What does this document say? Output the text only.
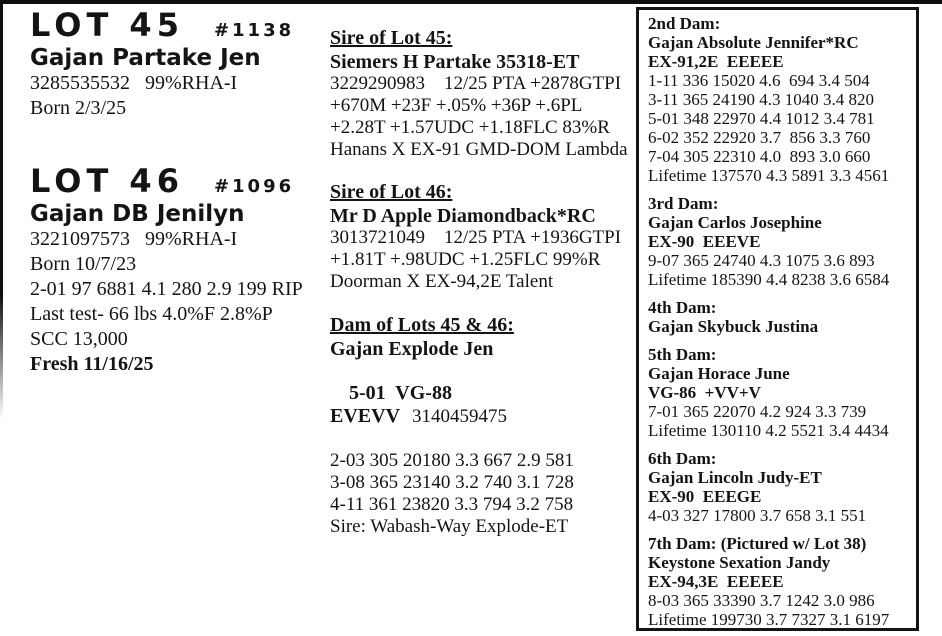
LOT 45 #1138
Gajan Partake Jen
3285535532   99%RHA-I
Born 2/3/25
LOT 46 #1096
Gajan DB Jenilyn
3221097573   99%RHA-I
Born 10/7/23
2-01 97 6881 4.1 280 2.9 199 RIP
Last test- 66 lbs 4.0%F 2.8%P
SCC 13,000
Fresh 11/16/25
Sire of Lot 45:
Siemers H Partake 35318-ET
3229290983    12/25 PTA +2878GTPI
+670M +23F +.05% +36P +.6PL
+2.28T +1.57UDC +1.18FLC 83%R
Hanans X EX-91 GMD-DOM Lambda
Sire of Lot 46:
Mr D Apple Diamondback*RC
3013721049    12/25 PTA +1936GTPI
+1.81T +.98UDC +1.25FLC 99%R
Doorman X EX-94,2E Talent
Dam of Lots 45 & 46:
Gajan Explode Jen

5-01  VG-88  EVEVV 3140459475

2-03 305 20180 3.3 667 2.9 581
3-08 365 23140 3.2 740 3.1 728
4-11 361 23820 3.3 794 3.2 758
Sire: Wabash-Way Explode-ET
2nd Dam:
Gajan Absolute Jennifer*RC
EX-91,2E  EEEEE
1-11 336 15020 4.6  694 3.4 504
3-11 365 24190 4.3 1040 3.4 820
5-01 348 22970 4.4 1012 3.4 781
6-02 352 22920 3.7  856 3.3 760
7-04 305 22310 4.0  893 3.0 660
Lifetime 137570 4.3 5891 3.3 4561
3rd Dam:
Gajan Carlos Josephine
EX-90  EEEVE
9-07 365 24740 4.3 1075 3.6 893
Lifetime 185390 4.4 8238 3.6 6584
4th Dam:
Gajan Skybuck Justina
5th Dam:
Gajan Horace June
VG-86  +VV+V
7-01 365 22070 4.2 924 3.3 739
Lifetime 130110 4.2 5521 3.4 4434
6th Dam:
Gajan Lincoln Judy-ET
EX-90  EEEGE
4-03 327 17800 3.7 658 3.1 551
7th Dam: (Pictured w/ Lot 38)
Keystone Sexation Jandy
EX-94,3E  EEEEE
8-03 365 33390 3.7 1242 3.0 986
Lifetime 199730 3.7 7327 3.1 6197
